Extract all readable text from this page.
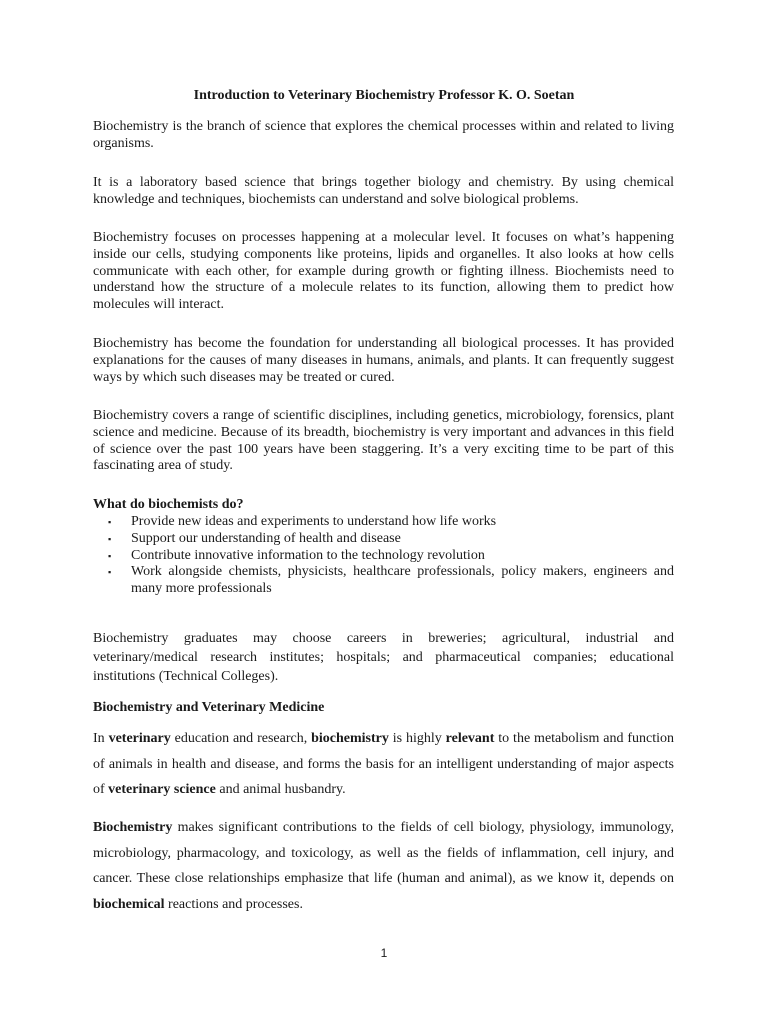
Introduction to Veterinary Biochemistry Professor K. O. Soetan

Biochemistry is the branch of science that explores the chemical processes within and related to living organisms.

It is a laboratory based science that brings together biology and chemistry. By using chemical knowledge and techniques, biochemists can understand and solve biological problems.

Biochemistry focuses on processes happening at a molecular level. It focuses on what’s happening inside our cells, studying components like proteins, lipids and organelles. It also looks at how cells communicate with each other, for example during growth or fighting illness. Biochemists need to understand how the structure of a molecule relates to its function, allowing them to predict how molecules will interact.

Biochemistry has become the foundation for understanding all biological processes. It has provided explanations for the causes of many diseases in humans, animals, and plants. It can frequently suggest ways by which such diseases may be treated or cured.

Biochemistry covers a range of scientific disciplines, including genetics, microbiology, forensics, plant science and medicine. Because of its breadth, biochemistry is very important and advances in this field of science over the past 100 years have been staggering. It’s a very exciting time to be part of this fascinating area of study.

What do biochemists do?
▪ Provide new ideas and experiments to understand how life works
▪ Support our understanding of health and disease
▪ Contribute innovative information to the technology revolution
▪ Work alongside chemists, physicists, healthcare professionals, policy makers, engineers and many more professionals

Biochemistry graduates may choose careers in breweries; agricultural, industrial and veterinary/medical research institutes; hospitals; and pharmaceutical companies; educational institutions (Technical Colleges).

Biochemistry and Veterinary Medicine

In veterinary education and research, biochemistry is highly relevant to the metabolism and function of animals in health and disease, and forms the basis for an intelligent understanding of major aspects of veterinary science and animal husbandry.

Biochemistry makes significant contributions to the fields of cell biology, physiology, immunology, microbiology, pharmacology, and toxicology, as well as the fields of inflammation, cell injury, and cancer. These close relationships emphasize that life (human and animal), as we know it, depends on biochemical reactions and processes.

1
